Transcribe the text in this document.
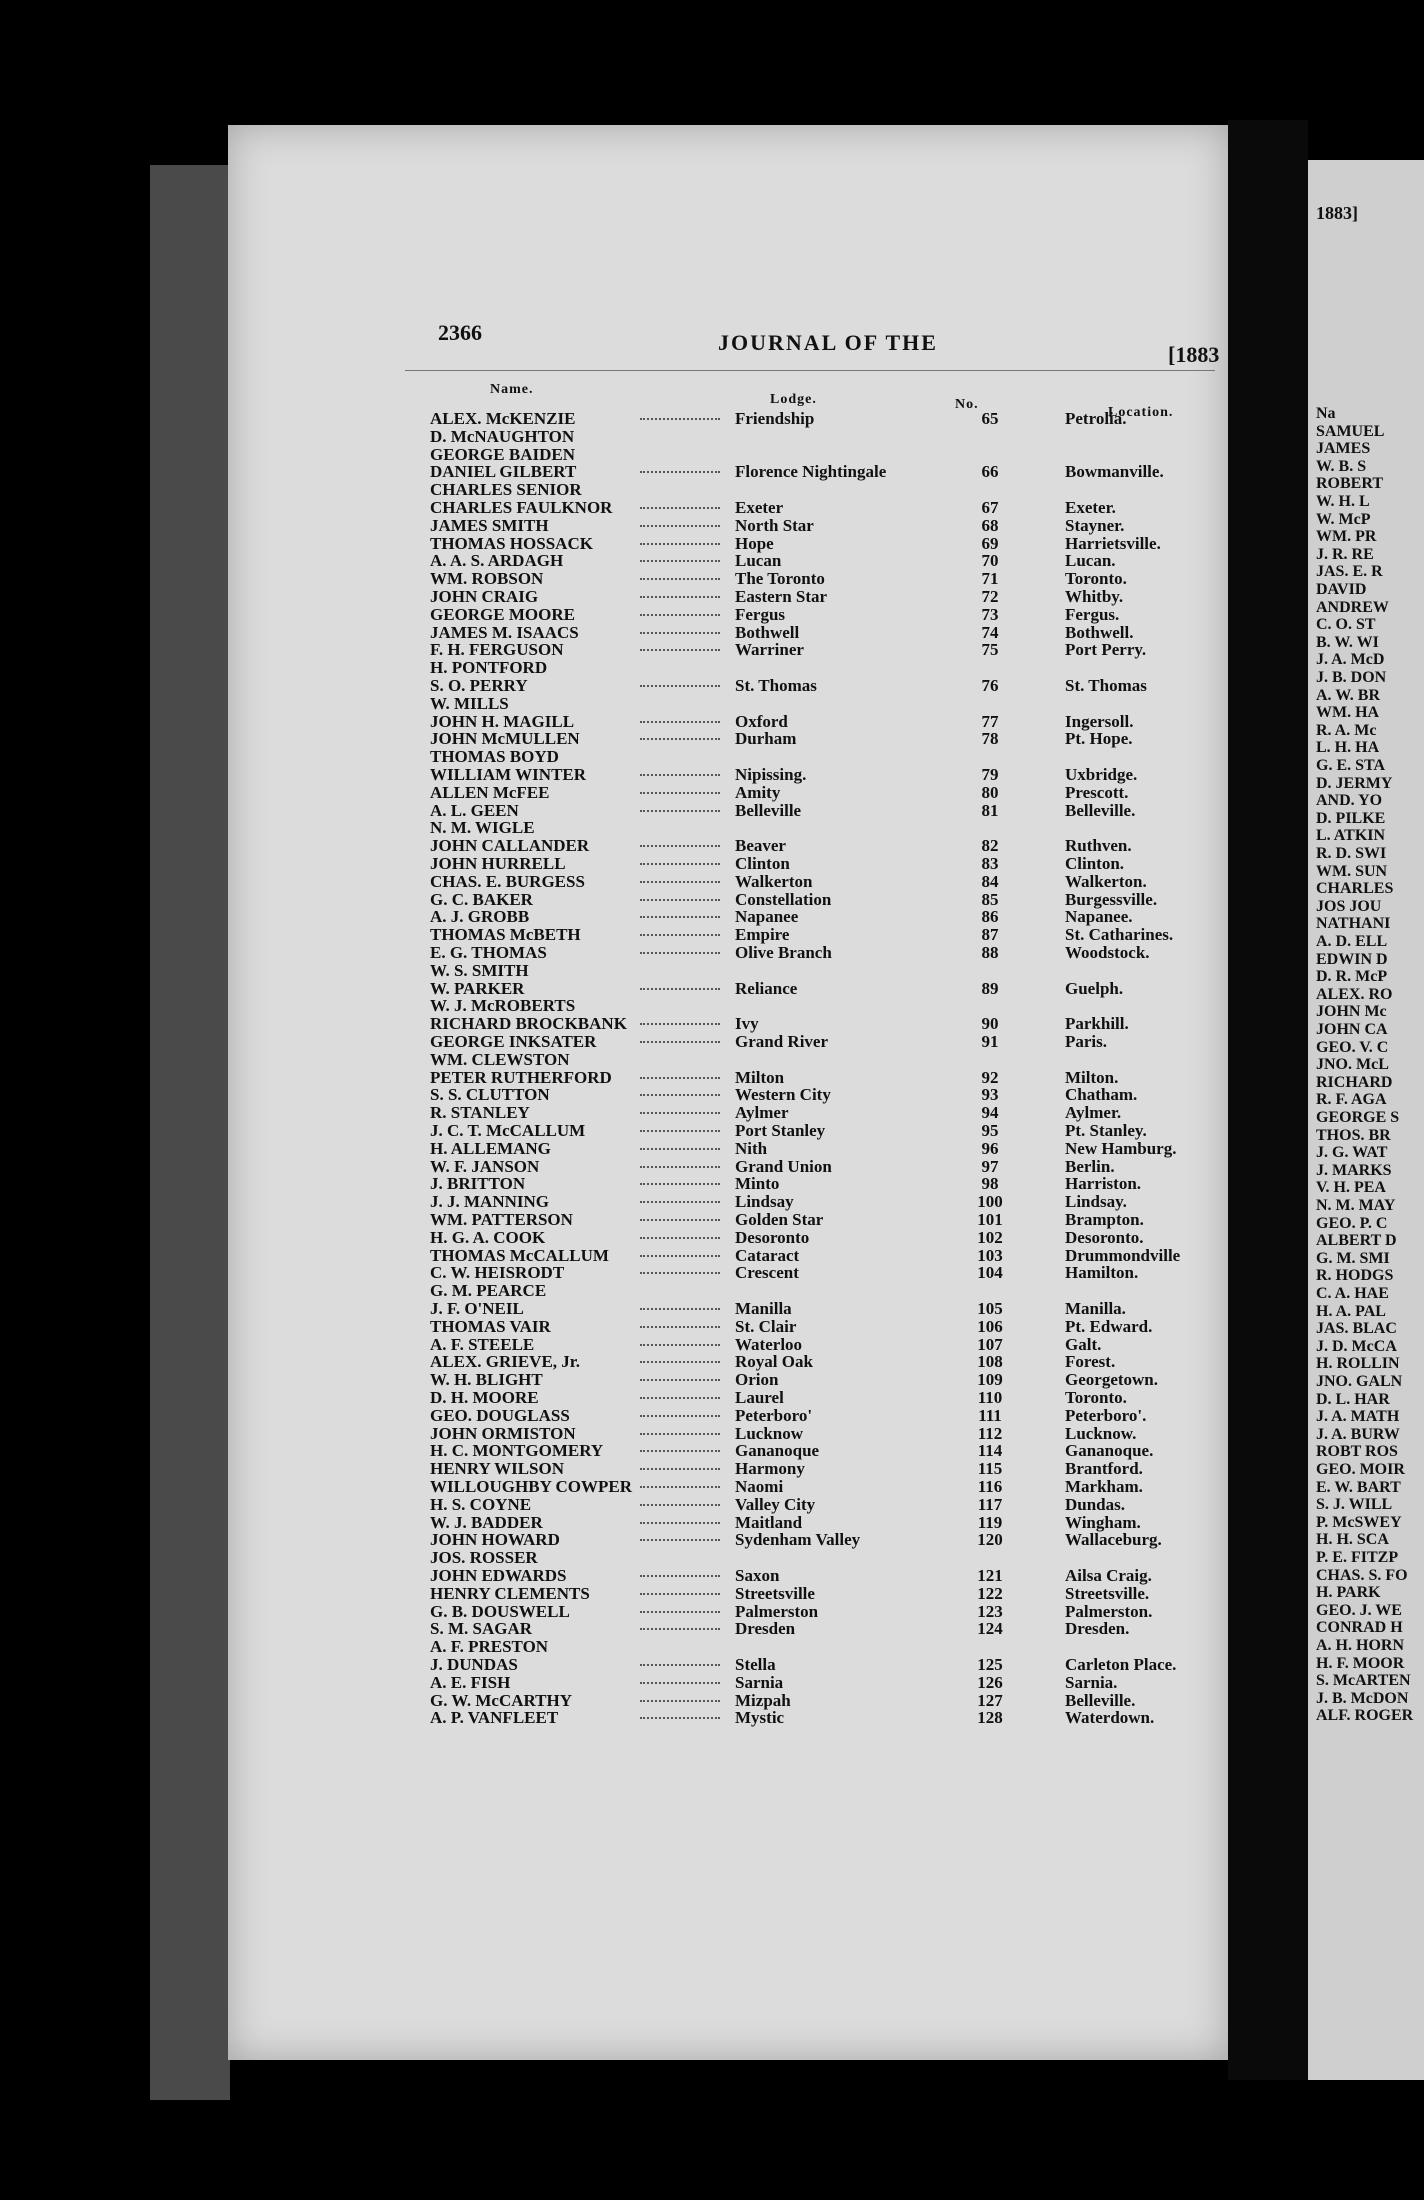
1883]
Na
SAMUEL
JAMES
W. B. S
ROBERT
W. H. L
W. McP
WM. PR
J. R. RE
JAS. E. R
DAVID
ANDREW
C. O. ST
B. W. WI
J. A. McD
J. B. DON
A. W. BR
WM. HA
R. A. Mc
L. H. HA
G. E. STA
D. JERMY
AND. YO
D. PILKE
L. ATKIN
R. D. SWI
WM. SUN
CHARLES
JOS JOU
NATHANI
A. D. ELL
EDWIN D
D. R. McP
ALEX. RO
JOHN Mc
JOHN CA
GEO. V. C
JNO. McL
RICHARD
R. F. AGA
GEORGE S
THOS. BR
J. G. WAT
J. MARKS
V. H. PEA
N. M. MAY
GEO. P. C
ALBERT D
G. M. SMI
R. HODGS
C. A. HAE
H. A. PAL
JAS. BLAC
J. D. McCA
H. ROLLIN
JNO. GALN
D. L. HAR
J. A. MATH
J. A. BURW
ROBT ROS
GEO. MOIR
E. W. BART
S. J. WILL
P. McSWEY
H. H. SCA
P. E. FITZP
CHAS. S. FO
H. PARK
GEO. J. WE
CONRAD H
A. H. HORN
H. F. MOOR
S. McARTEN
J. B. McDON
ALF. ROGER
2366	JOURNAL OF THE	[1883
Name.
Lodge.	No.
Location.
ALEX. McKENZIE	Friendship	65	Petrolia.
D. McNAUGHTON
GEORGE BAIDEN
DANIEL GILBERT	Florence Nightingale	66	Bowmanville.
CHARLES SENIOR
CHARLES FAULKNOR	Exeter	67	Exeter.
JAMES SMITH	North Star	68	Stayner.
THOMAS HOSSACK	Hope	69	Harrietsville.
A. A. S. ARDAGH	Lucan	70	Lucan.
WM. ROBSON	The Toronto	71	Toronto.
JOHN CRAIG	Eastern Star	72	Whitby.
GEORGE MOORE	Fergus	73	Fergus.
JAMES M. ISAACS	Bothwell	74	Bothwell.
F. H. FERGUSON	Warriner	75	Port Perry.
H. PONTFORD
S. O. PERRY	St. Thomas	76	St. Thomas
W. MILLS
JOHN H. MAGILL	Oxford	77	Ingersoll.
JOHN McMULLEN	Durham	78	Pt. Hope.
THOMAS BOYD
WILLIAM WINTER	Nipissing.	79	Uxbridge.
ALLEN McFEE	Amity	80	Prescott.
A. L. GEEN	Belleville	81	Belleville.
N. M. WIGLE
JOHN CALLANDER	Beaver	82	Ruthven.
JOHN HURRELL	Clinton	83	Clinton.
CHAS. E. BURGESS	Walkerton	84	Walkerton.
G. C. BAKER	Constellation	85	Burgessville.
A. J. GROBB	Napanee	86	Napanee.
THOMAS McBETH	Empire	87	St. Catharines.
E. G. THOMAS	Olive Branch	88	Woodstock.
W. S. SMITH
W. PARKER	Reliance	89	Guelph.
W. J. McROBERTS
RICHARD BROCKBANK	Ivy	90	Parkhill.
GEORGE INKSATER	Grand River	91	Paris.
WM. CLEWSTON
PETER RUTHERFORD	Milton	92	Milton.
S. S. CLUTTON	Western City	93	Chatham.
R. STANLEY	Aylmer	94	Aylmer.
J. C. T. McCALLUM	Port Stanley	95	Pt. Stanley.
H. ALLEMANG	Nith	96	New Hamburg.
W. F. JANSON	Grand Union	97	Berlin.
J. BRITTON	Minto	98	Harriston.
J. J. MANNING	Lindsay	100	Lindsay.
WM. PATTERSON	Golden Star	101	Brampton.
H. G. A. COOK	Desoronto	102	Desoronto.
THOMAS McCALLUM	Cataract	103	Drummondville
C. W. HEISRODT	Crescent	104	Hamilton.
G. M. PEARCE
J. F. O'NEIL	Manilla	105	Manilla.
THOMAS VAIR	St. Clair	106	Pt. Edward.
A. F. STEELE	Waterloo	107	Galt.
ALEX. GRIEVE, Jr.	Royal Oak	108	Forest.
W. H. BLIGHT	Orion	109	Georgetown.
D. H. MOORE	Laurel	110	Toronto.
GEO. DOUGLASS	Peterboro'	111	Peterboro'.
JOHN ORMISTON	Lucknow	112	Lucknow.
H. C. MONTGOMERY	Gananoque	114	Gananoque.
HENRY WILSON	Harmony	115	Brantford.
WILLOUGHBY COWPER	Naomi	116	Markham.
H. S. COYNE	Valley City	117	Dundas.
W. J. BADDER	Maitland	119	Wingham.
JOHN HOWARD	Sydenham Valley	120	Wallaceburg.
JOS. ROSSER
JOHN EDWARDS	Saxon	121	Ailsa Craig.
HENRY CLEMENTS	Streetsville	122	Streetsville.
G. B. DOUSWELL	Palmerston	123	Palmerston.
S. M. SAGAR	Dresden	124	Dresden.
A. F. PRESTON
J. DUNDAS	Stella	125	Carleton Place.
A. E. FISH	Sarnia	126	Sarnia.
G. W. McCARTHY	Mizpah	127	Belleville.
A. P. VANFLEET	Mystic	128	Waterdown.
